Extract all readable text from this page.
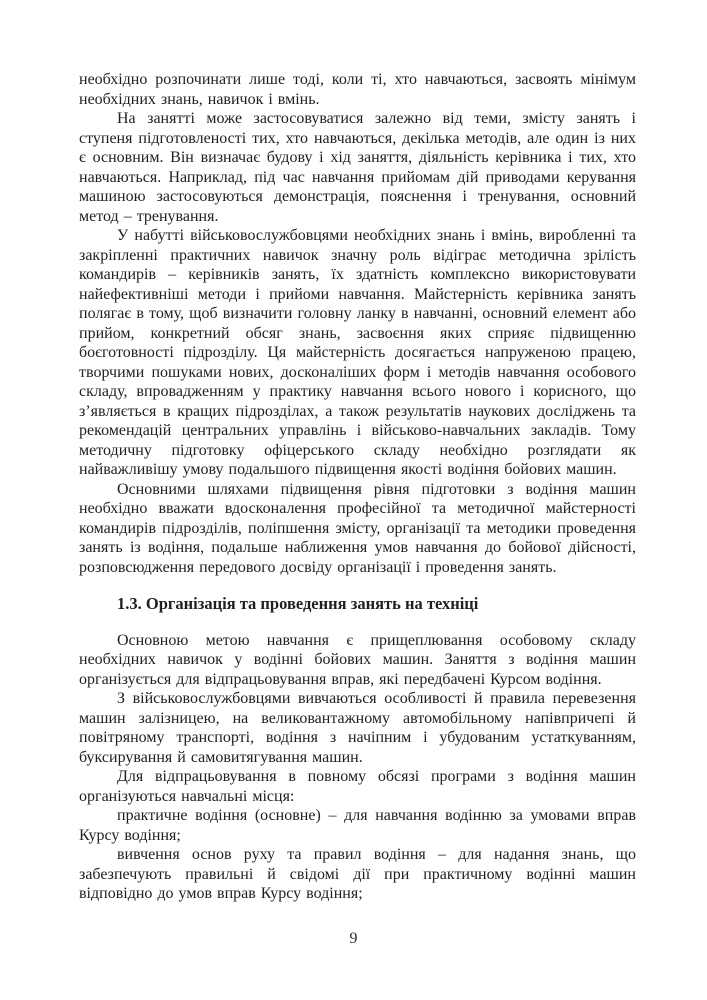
необхідно розпочинати лише тоді, коли ті, хто навчаються, засвоять мінімум необхідних знань, навичок і вмінь.

На занятті може застосовуватися залежно від теми, змісту занять і ступеня підготовленості тих, хто навчаються, декілька методів, але один із них є основним. Він визначає будову і хід заняття, діяльність керівника і тих, хто навчаються. Наприклад, під час навчання прийомам дій приводами керування машиною застосовуються демонстрація, пояснення і тренування, основний метод – тренування.

У набутті військовослужбовцями необхідних знань і вмінь, виробленні та закріпленні практичних навичок значну роль відіграє методична зрілість командирів – керівників занять, їх здатність комплексно використовувати найефективніші методи і прийоми навчання. Майстерність керівника занять полягає в тому, щоб визначити головну ланку в навчанні, основний елемент або прийом, конкретний обсяг знань, засвоєння яких сприяє підвищенню боєготовності підрозділу. Ця майстерність досягається напруженою працею, творчими пошуками нових, досконаліших форм і методів навчання особового складу, впровадженням у практику навчання всього нового і корисного, що з’являється в кращих підрозділах, а також результатів наукових досліджень та рекомендацій центральних управлінь і військово-навчальних закладів. Тому методичну підготовку офіцерського складу необхідно розглядати як найважливішу умову подальшого підвищення якості водіння бойових машин.

Основними шляхами підвищення рівня підготовки з водіння машин необхідно вважати вдосконалення професійної та методичної майстерності командирів підрозділів, поліпшення змісту, організації та методики проведення занять із водіння, подальше наближення умов навчання до бойової дійсності, розповсюдження передового досвіду організації і проведення занять.

1.3. Організація та проведення занять на техніці

Основною метою навчання є прищеплювання особовому складу необхідних навичок у водінні бойових машин. Заняття з водіння машин організується для відпрацьовування вправ, які передбачені Курсом водіння.

З військовослужбовцями вивчаються особливості й правила перевезення машин залізницею, на великовантажному автомобільному напівпричепі й повітряному транспорті, водіння з начіпним і убудованим устаткуванням, буксирування й самовитягування машин.

Для відпрацьовування в повному обсязі програми з водіння машин організуються навчальні місця:

практичне водіння (основне) – для навчання водінню за умовами вправ Курсу водіння;

вивчення основ руху та правил водіння – для надання знань, що забезпечують правильні й свідомі дії при практичному водінні машин відповідно до умов вправ Курсу водіння;

9
